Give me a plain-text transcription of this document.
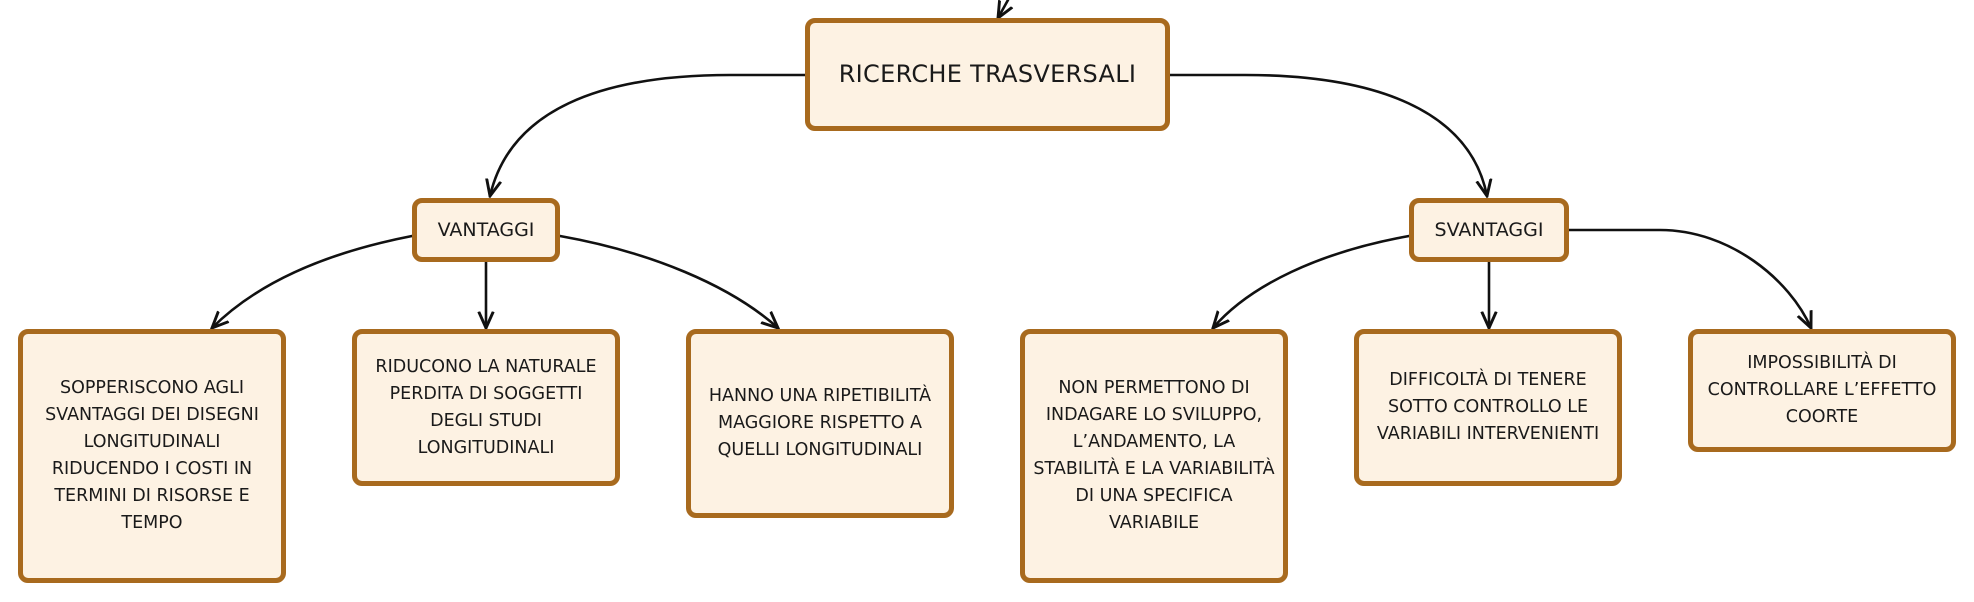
RICERCHE TRASVERSALI
VANTAGGI	SVANTAGGI
SOPPERISCONO AGLI SVANTAGGI DEI DISEGNI LONGITUDINALI RIDUCENDO I COSTI IN TERMINI DI RISORSE E TEMPO
RIDUCONO LA NATURALE PERDITA DI SOGGETTI DEGLI STUDI LONGITUDINALI
HANNO UNA RIPETIBILITÀ MAGGIORE RISPETTO A QUELLI LONGITUDINALI
NON PERMETTONO DI INDAGARE LO SVILUPPO, L’ANDAMENTO, LA STABILITÀ E LA VARIABILITÀ DI UNA SPECIFICA VARIABILE
DIFFICOLTÀ DI TENERE SOTTO CONTROLLO LE VARIABILI INTERVENIENTI
IMPOSSIBILITÀ DI CONTROLLARE L’EFFETTO COORTE
